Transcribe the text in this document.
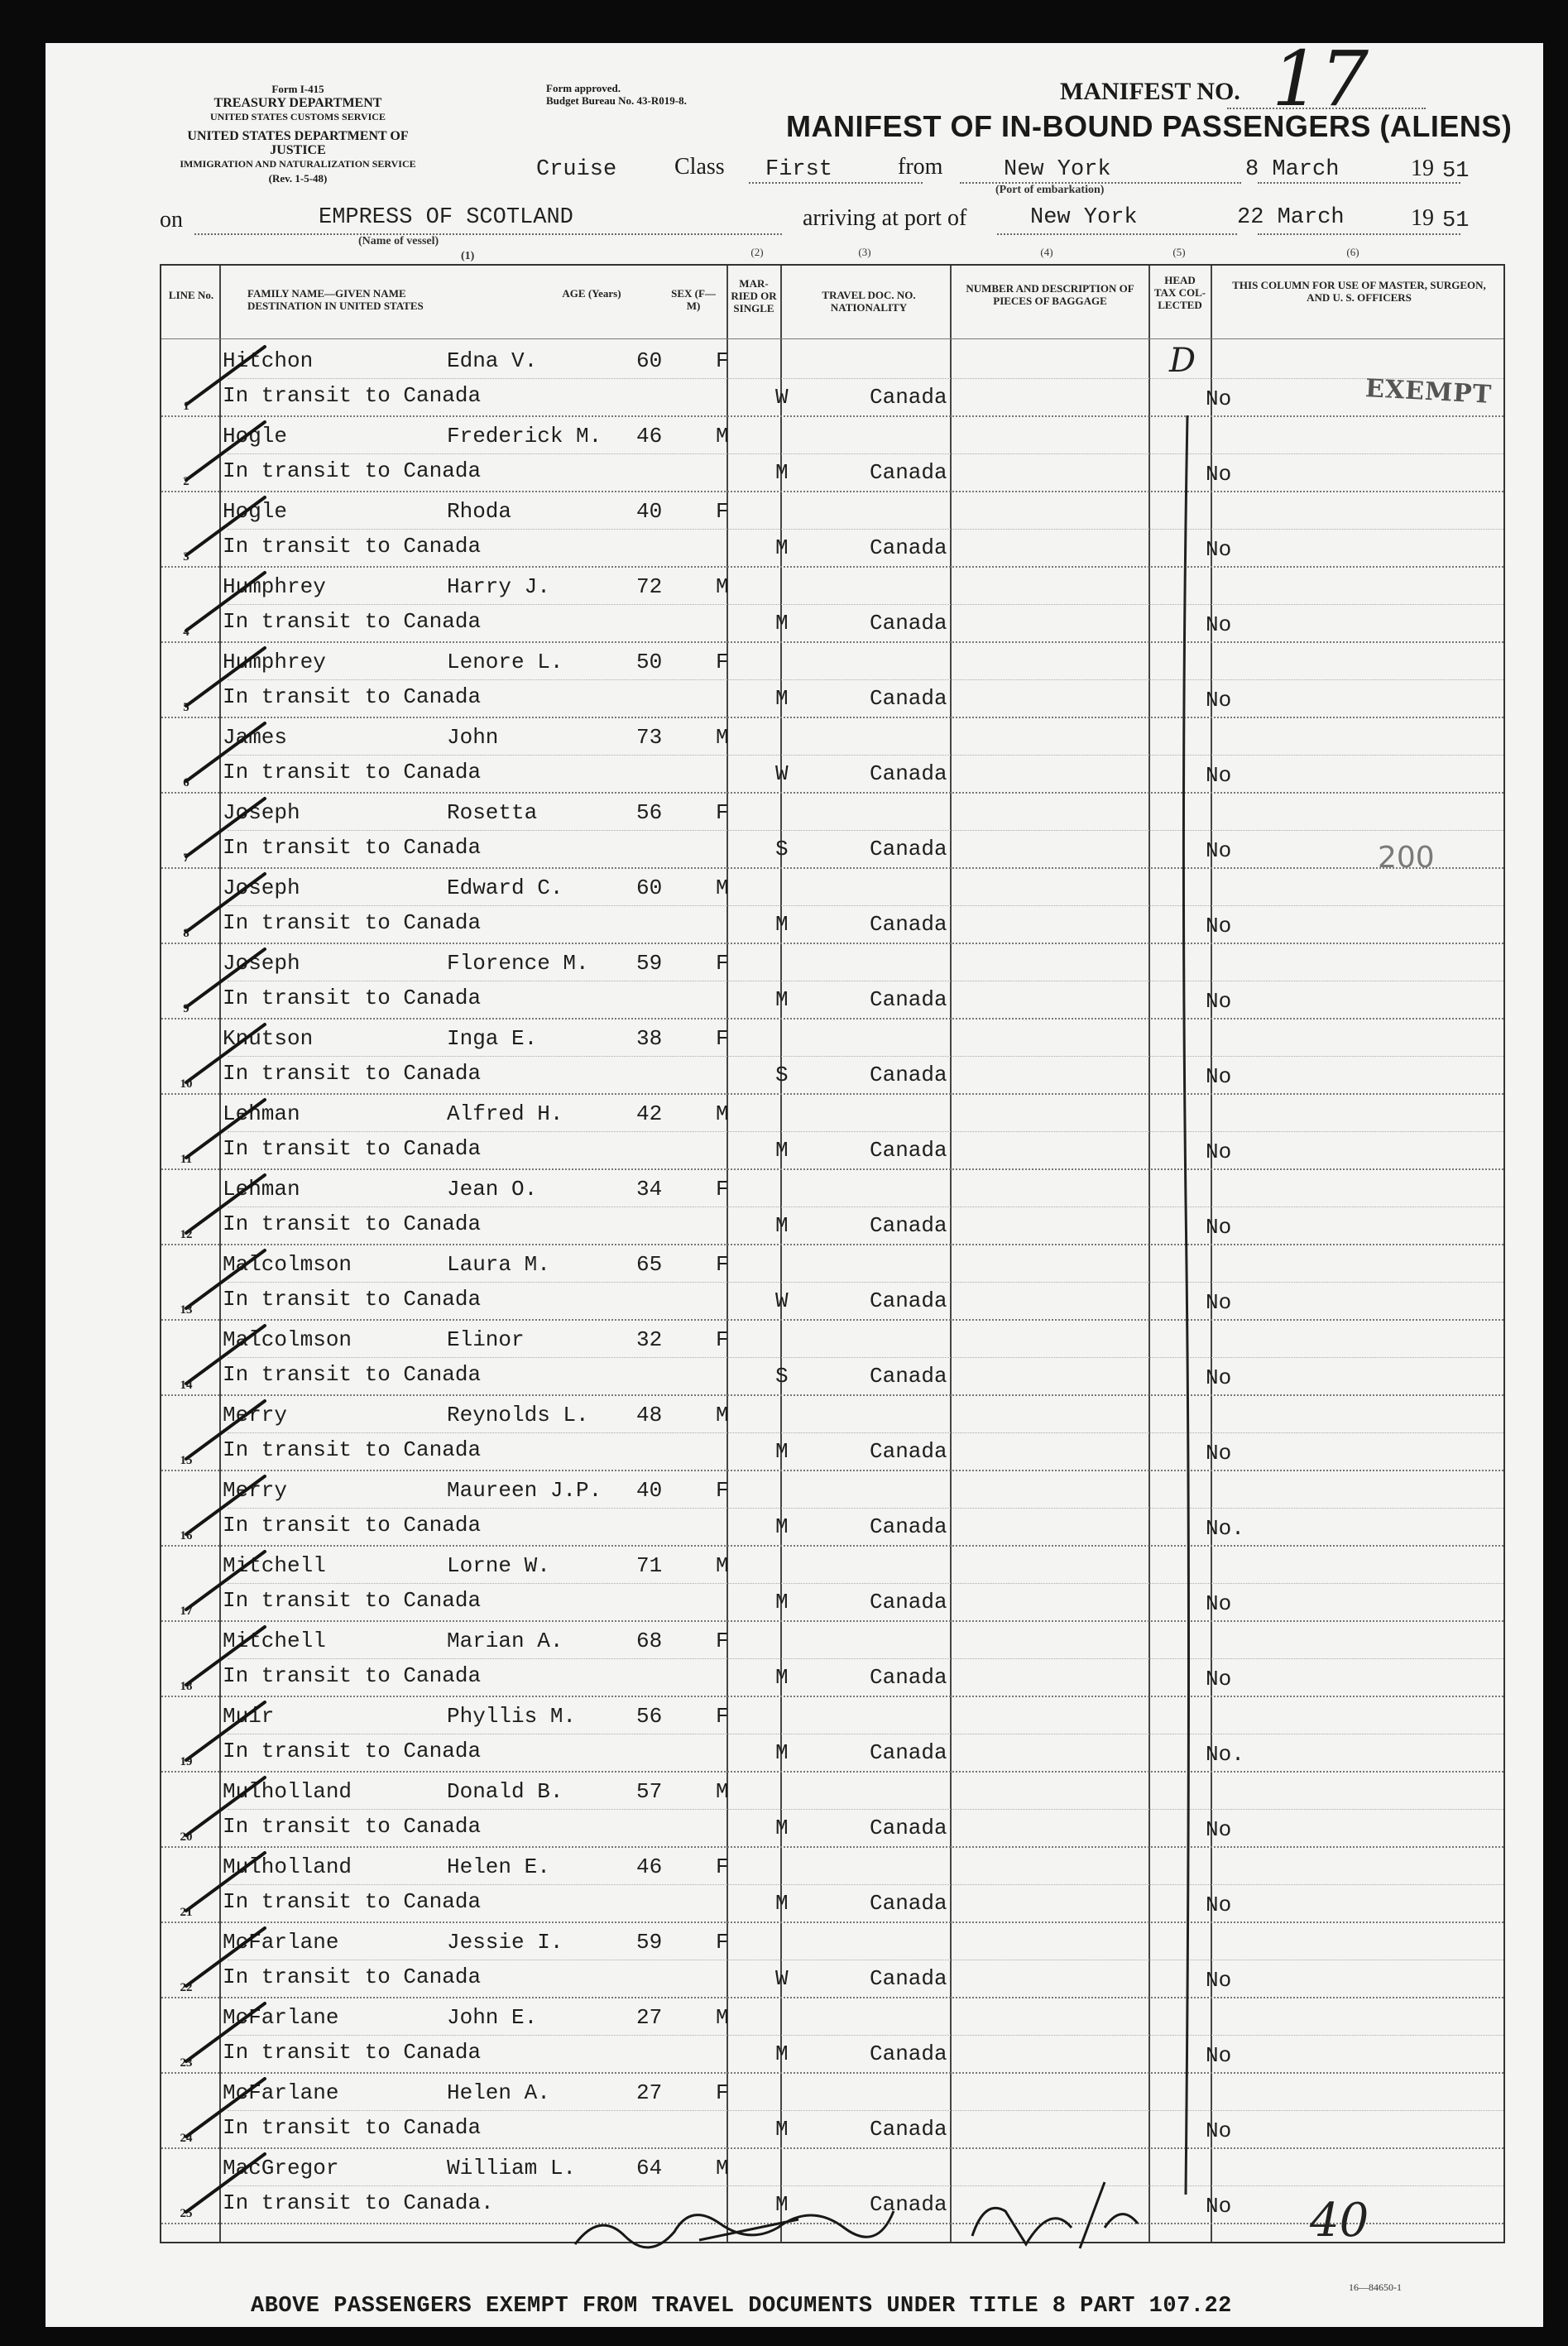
Form I-415
TREASURY DEPARTMENT
UNITED STATES CUSTOMS SERVICE
UNITED STATES DEPARTMENT OF JUSTICE
IMMIGRATION AND NATURALIZATION SERVICE
(Rev. 1-5-48)
Form approved.
Budget Bureau No. 43-R019-8.	MANIFEST NO. 17
MANIFEST OF IN-BOUND PASSENGERS (ALIENS)
Cruise Class First	from	New York
(Port of embarkation)
8 March	19 51
on	EMPRESS OF SCOTLAND
(Name of vessel)
(1)
arriving at port of	New York	22 March	19 51
LINE No.	FAMILY NAME—GIVEN NAME DESTINATION IN UNITED STATES
AGE (Years)	SEX (F—M)
MAR-RIED OR SINGLE
TRAVEL DOC. NO. NATIONALITY
NUMBER AND DESCRIPTION OF PIECES OF BAGGAGE
HEAD TAX COL-LECTED
THIS COLUMN FOR USE OF MASTER, SURGEON, AND U. S. OFFICERS
(2)	(3)	(4)	(5)	(6)
Hitchon	Edna V.	60 F
In transit to Canada	W	Canada	No
1
Hogle	Frederick M. 46 M
In transit to Canada	M	Canada	No
2
Hogle	Rhoda	40 F
In transit to Canada	M	Canada	No
3
Humphrey	Harry J.	72 M
In transit to Canada	M	Canada	No
4
Humphrey	Lenore L.	50 F
In transit to Canada	M	Canada	No
5
James	John	73 M
In transit to Canada	W	Canada	No
6
Joseph	Rosetta	56 F
In transit to Canada	S	Canada	No
7
Joseph	Edward C.	60 M
In transit to Canada	M	Canada	No
8
Joseph	Florence M. 59 F
In transit to Canada	M	Canada	No
9
Knutson	Inga E.	38 F
In transit to Canada	S	Canada	No
10
Lehman	Alfred H.	42 M
In transit to Canada	M	Canada	No
11
Lehman	Jean O.	34 F
In transit to Canada	M	Canada	No
12
Malcolmson	Laura M.	65 F
In transit to Canada	W	Canada	No
13
Malcolmson	Elinor	32 F
In transit to Canada	S	Canada	No
14
Merry	Reynolds L. 48 M
In transit to Canada	M	Canada	No
15
Merry	Maureen J.P. 40 F
In transit to Canada	M	Canada	No.
16
Mitchell	Lorne W.	71 M
In transit to Canada	M	Canada	No
17
Mitchell	Marian A.	68 F
In transit to Canada	M	Canada	No
18
Muir	Phyllis M.	56 F
In transit to Canada	M	Canada	No.
19
Mulholland	Donald B.	57 M
In transit to Canada	M	Canada	No
20
Mulholland	Helen E.	46 F
In transit to Canada	M	Canada	No
21
McFarlane	Jessie I.	59 F
In transit to Canada	W	Canada	No
22
McFarlane	John E.	27 M
In transit to Canada	M	Canada	No
23
McFarlane	Helen A.	27 F
In transit to Canada	M	Canada	No
24
MacGregor	William L.	64 M
In transit to Canada.	M	Canada	No
25
EXEMPT
200
D
40
ABOVE PASSENGERS EXEMPT FROM TRAVEL DOCUMENTS UNDER TITLE 8 PART 107.22
16—84650-1
